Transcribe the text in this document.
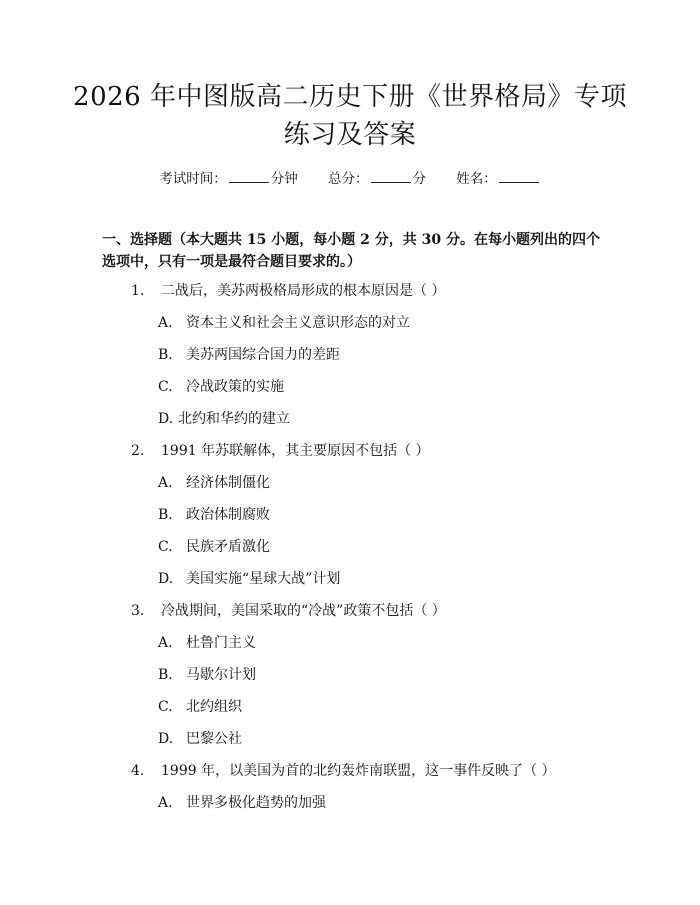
2026 年中图版高二历史下册《世界格局》专项练习及答案
考试时间：	分钟 总分：	分 姓名：
一、选择题（本大题共 15 小题，每小题 2 分，共 30 分。在每小题列出的四个选项中，只有一项是最符合题目要求的。）
1. 二战后，美苏两极格局形成的根本原因是（ ）
A. 资本主义和社会主义意识形态的对立
B. 美苏两国综合国力的差距
C. 冷战政策的实施
D. 北约和华约的建立
2. 1991 年苏联解体，其主要原因不包括（ ）
A. 经济体制僵化
B. 政治体制腐败
C. 民族矛盾激化
D. 美国实施“星球大战”计划
3. 冷战期间，美国采取的“冷战”政策不包括（ ）
A. 杜鲁门主义
B. 马歇尔计划
C. 北约组织
D. 巴黎公社
4. 1999 年，以美国为首的北约轰炸南联盟，这一事件反映了（ ）
A. 世界多极化趋势的加强
